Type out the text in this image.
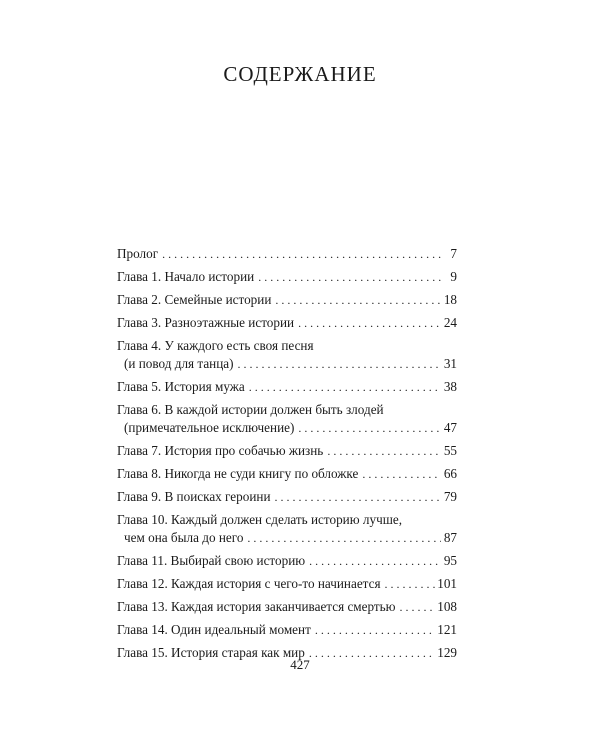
СОДЕРЖАНИЕ
Пролог . . .	7
Глава 1. Начало истории . . .	9
Глава 2. Семейные истории . . .	18
Глава 3. Разноэтажные истории . . .	24
Глава 4. У каждого есть своя песня
(и повод для танца) . . .	31
Глава 5. История мужа . . .	38
Глава 6. В каждой истории должен быть злодей
(примечательное исключение) . . .	47
Глава 7. История про собачью жизнь . . .	55
Глава 8. Никогда не суди книгу по обложке . . .	66
Глава 9. В поисках героини . . .	79
Глава 10. Каждый должен сделать историю лучше,
чем она была до него . . .	87
Глава 11. Выбирай свою историю . . .	95
Глава 12. Каждая история с чего-то начинается . . .	101
Глава 13. Каждая история заканчивается смертью . . .	108
Глава 14. Один идеальный момент . . .	121
Глава 15. История старая как мир . . .	129
427
